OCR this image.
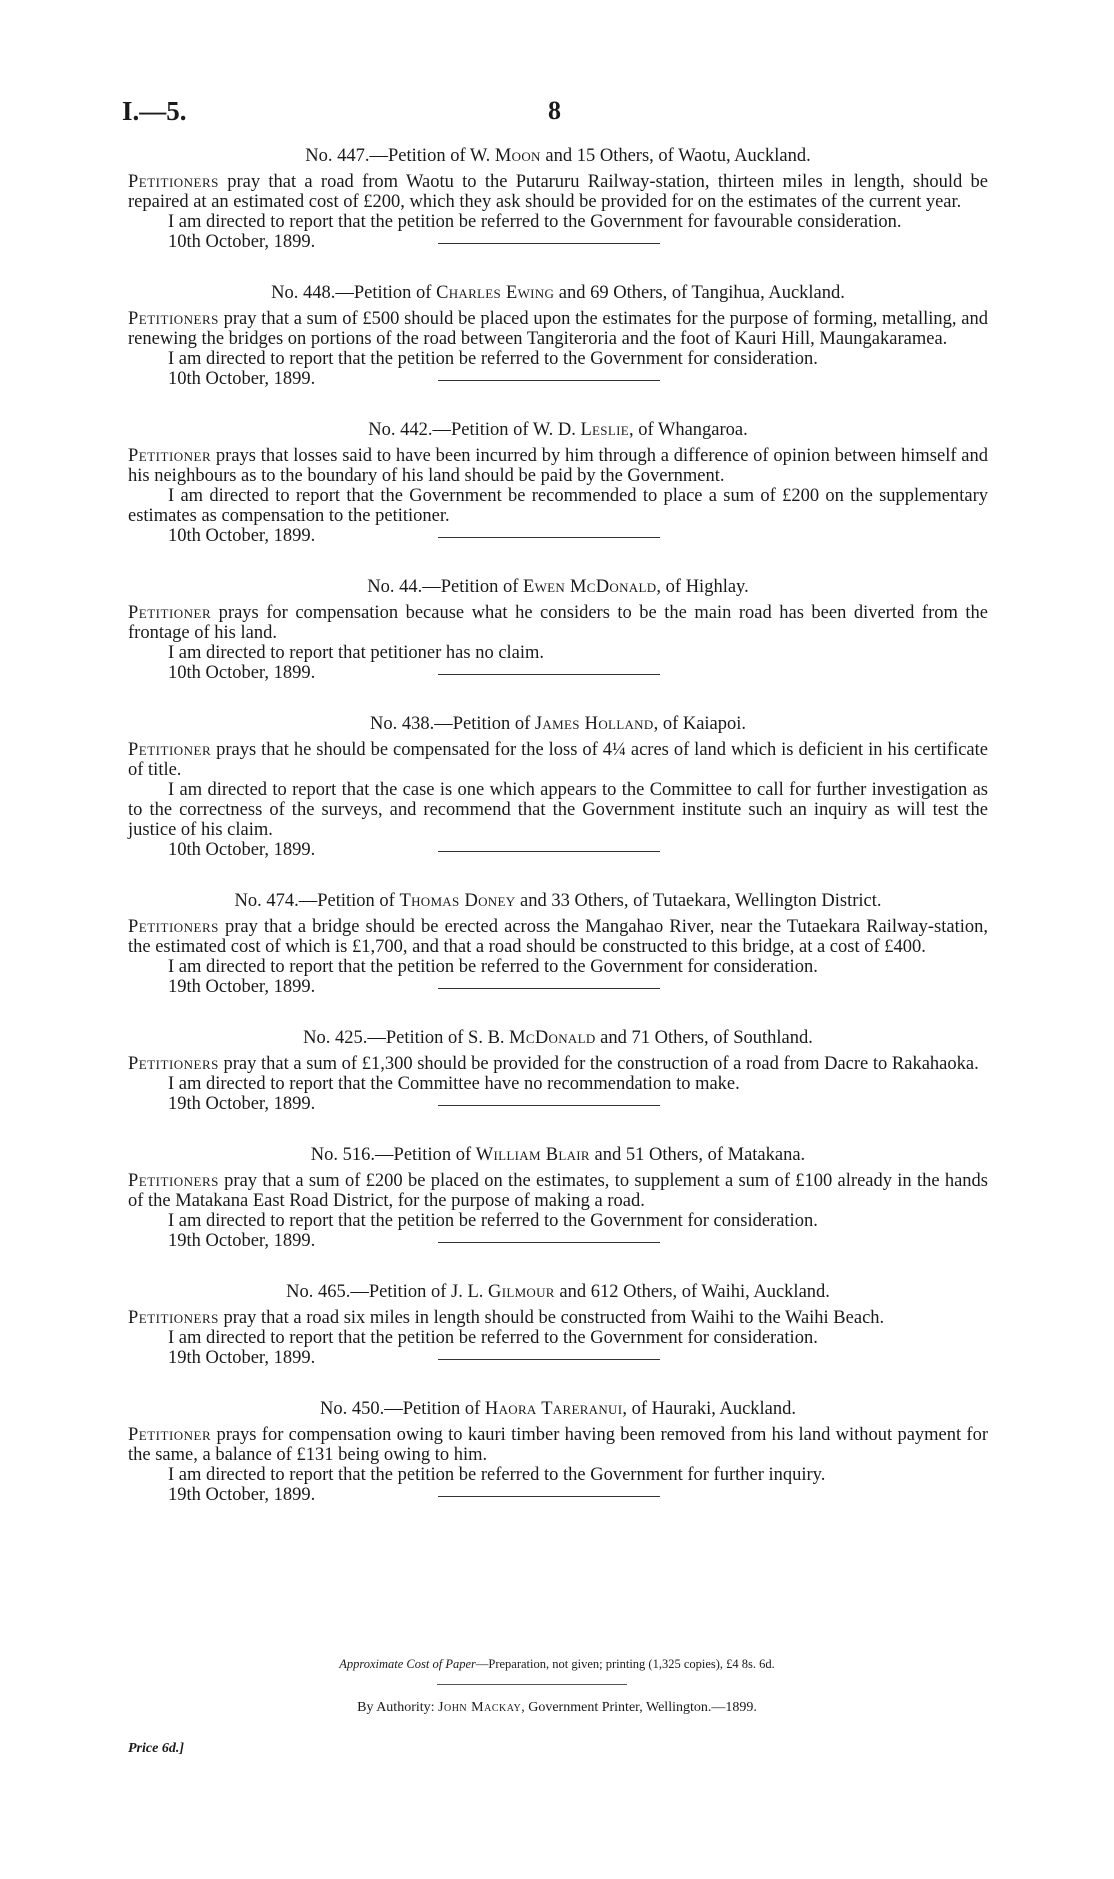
I.—5.	8
No. 447.—Petition of W. Moon and 15 Others, of Waotu, Auckland.

Petitioners pray that a road from Waotu to the Putaruru Railway-station, thirteen miles in length, should be repaired at an estimated cost of £200, which they ask should be provided for on the estimates of the current year.

I am directed to report that the petition be referred to the Government for favourable consideration.

10th October, 1899.
No. 448.—Petition of Charles Ewing and 69 Others, of Tangihua, Auckland.

Petitioners pray that a sum of £500 should be placed upon the estimates for the purpose of forming, metalling, and renewing the bridges on portions of the road between Tangiteroria and the foot of Kauri Hill, Maungakaramea.

I am directed to report that the petition be referred to the Government for consideration.

10th October, 1899.
No. 442.—Petition of W. D. Leslie, of Whangaroa.

Petitioner prays that losses said to have been incurred by him through a difference of opinion between himself and his neighbours as to the boundary of his land should be paid by the Government.

I am directed to report that the Government be recommended to place a sum of £200 on the supplementary estimates as compensation to the petitioner.

10th October, 1899.
No. 44.—Petition of Ewen McDonald, of Highlay.

Petitioner prays for compensation because what he considers to be the main road has been diverted from the frontage of his land.

I am directed to report that petitioner has no claim.

10th October, 1899.
No. 438.—Petition of James Holland, of Kaiapoi.

Petitioner prays that he should be compensated for the loss of 4¼ acres of land which is deficient in his certificate of title.

I am directed to report that the case is one which appears to the Committee to call for further investigation as to the correctness of the surveys, and recommend that the Government institute such an inquiry as will test the justice of his claim.

10th October, 1899.
No. 474.—Petition of Thomas Doney and 33 Others, of Tutaekara, Wellington District.

Petitioners pray that a bridge should be erected across the Mangahao River, near the Tutaekara Railway-station, the estimated cost of which is £1,700, and that a road should be constructed to this bridge, at a cost of £400.

I am directed to report that the petition be referred to the Government for consideration.

19th October, 1899.
No. 425.—Petition of S. B. McDonald and 71 Others, of Southland.

Petitioners pray that a sum of £1,300 should be provided for the construction of a road from Dacre to Rakahaoka.

I am directed to report that the Committee have no recommendation to make.

19th October, 1899.
No. 516.—Petition of William Blair and 51 Others, of Matakana.

Petitioners pray that a sum of £200 be placed on the estimates, to supplement a sum of £100 already in the hands of the Matakana East Road District, for the purpose of making a road.

I am directed to report that the petition be referred to the Government for consideration.

19th October, 1899.
No. 465.—Petition of J. L. Gilmour and 612 Others, of Waihi, Auckland.

Petitioners pray that a road six miles in length should be constructed from Waihi to the Waihi Beach.

I am directed to report that the petition be referred to the Government for consideration.

19th October, 1899.
No. 450.—Petition of Haora Tareranui, of Hauraki, Auckland.

Petitioner prays for compensation owing to kauri timber having been removed from his land without payment for the same, a balance of £131 being owing to him.

I am directed to report that the petition be referred to the Government for further inquiry.

19th October, 1899.
Approximate Cost of Paper—Preparation, not given; printing (1,325 copies), £4 8s. 6d.
By Authority: John Mackay, Government Printer, Wellington.—1899.
Price 6d.]
